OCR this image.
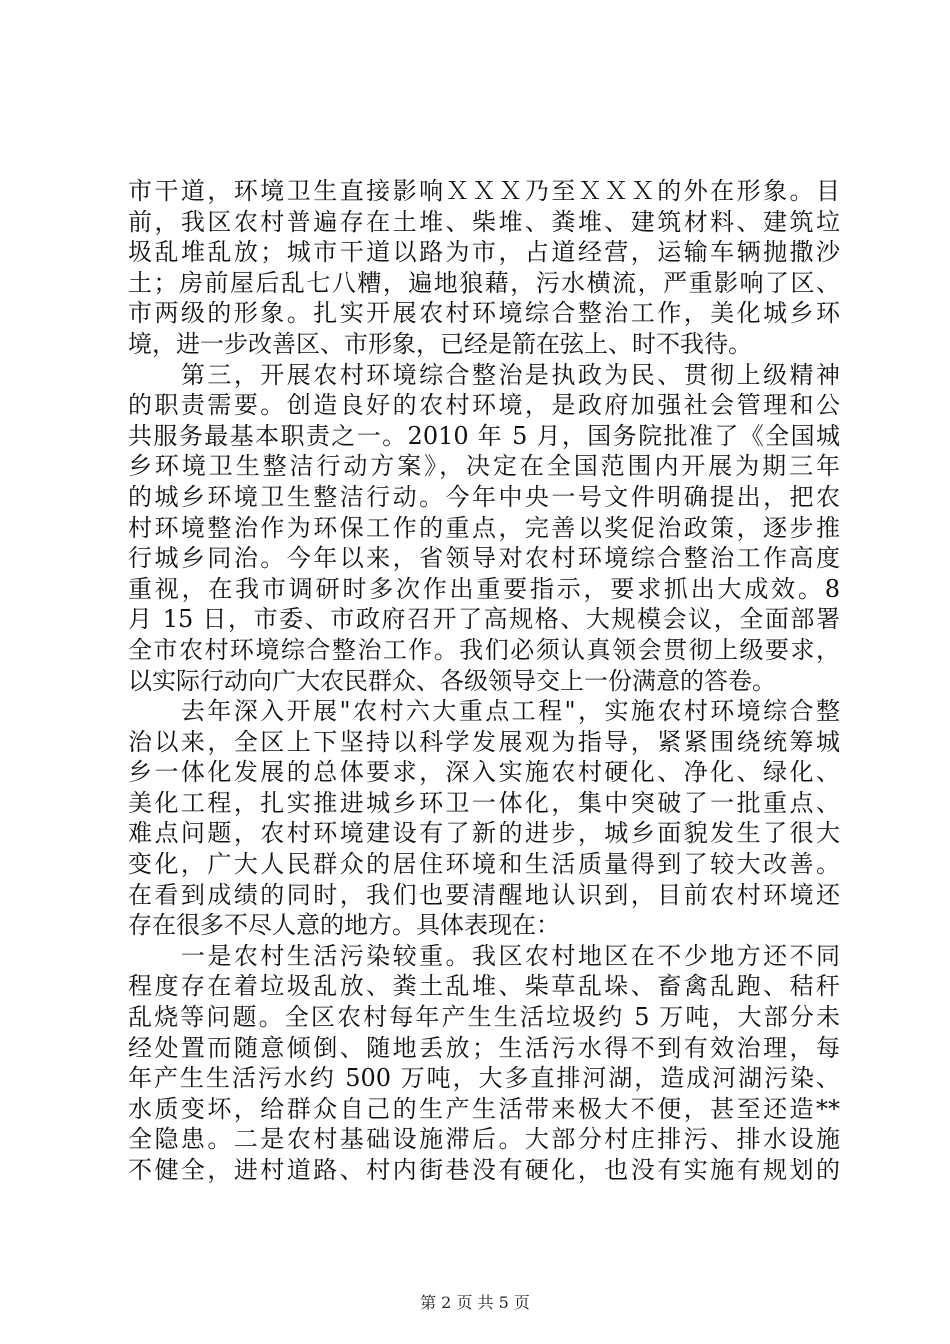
市干道，环境卫生直接影响ＸＸＸ乃至ＸＸＸ的外在形象。目
前，我区农村普遍存在土堆、柴堆、粪堆、建筑材料、建筑垃
圾乱堆乱放；城市干道以路为市，占道经营，运输车辆抛撒沙
土；房前屋后乱七八糟，遍地狼藉，污水横流，严重影响了区、
市两级的形象。扎实开展农村环境综合整治工作，美化城乡环
境，进一步改善区、市形象，已经是箭在弦上、时不我待。
　　第三，开展农村环境综合整治是执政为民、贯彻上级精神
的职责需要。创造良好的农村环境，是政府加强社会管理和公
共服务最基本职责之一。2010 年 5 月，国务院批准了《全国城
乡环境卫生整洁行动方案》，决定在全国范围内开展为期三年
的城乡环境卫生整洁行动。今年中央一号文件明确提出，把农
村环境整治作为环保工作的重点，完善以奖促治政策，逐步推
行城乡同治。今年以来，省领导对农村环境综合整治工作高度
重视，在我市调研时多次作出重要指示，要求抓出大成效。8
月 15 日，市委、市政府召开了高规格、大规模会议，全面部署
全市农村环境综合整治工作。我们必须认真领会贯彻上级要求，
以实际行动向广大农民群众、各级领导交上一份满意的答卷。
　　去年深入开展"农村六大重点工程"，实施农村环境综合整
治以来，全区上下坚持以科学发展观为指导，紧紧围绕统筹城
乡一体化发展的总体要求，深入实施农村硬化、净化、绿化、
美化工程，扎实推进城乡环卫一体化，集中突破了一批重点、
难点问题，农村环境建设有了新的进步，城乡面貌发生了很大
变化，广大人民群众的居住环境和生活质量得到了较大改善。
在看到成绩的同时，我们也要清醒地认识到，目前农村环境还
存在很多不尽人意的地方。具体表现在：
　　一是农村生活污染较重。我区农村地区在不少地方还不同
程度存在着垃圾乱放、粪土乱堆、柴草乱垛、畜禽乱跑、秸秆
乱烧等问题。全区农村每年产生生活垃圾约 5 万吨，大部分未
经处置而随意倾倒、随地丢放；生活污水得不到有效治理，每
年产生生活污水约 500 万吨，大多直排河湖，造成河湖污染、
水质变坏，给群众自己的生产生活带来极大不便，甚至还造**
全隐患。二是农村基础设施滞后。大部分村庄排污、排水设施
不健全，进村道路、村内街巷没有硬化，也没有实施有规划的
第 2 页 共 5 页
